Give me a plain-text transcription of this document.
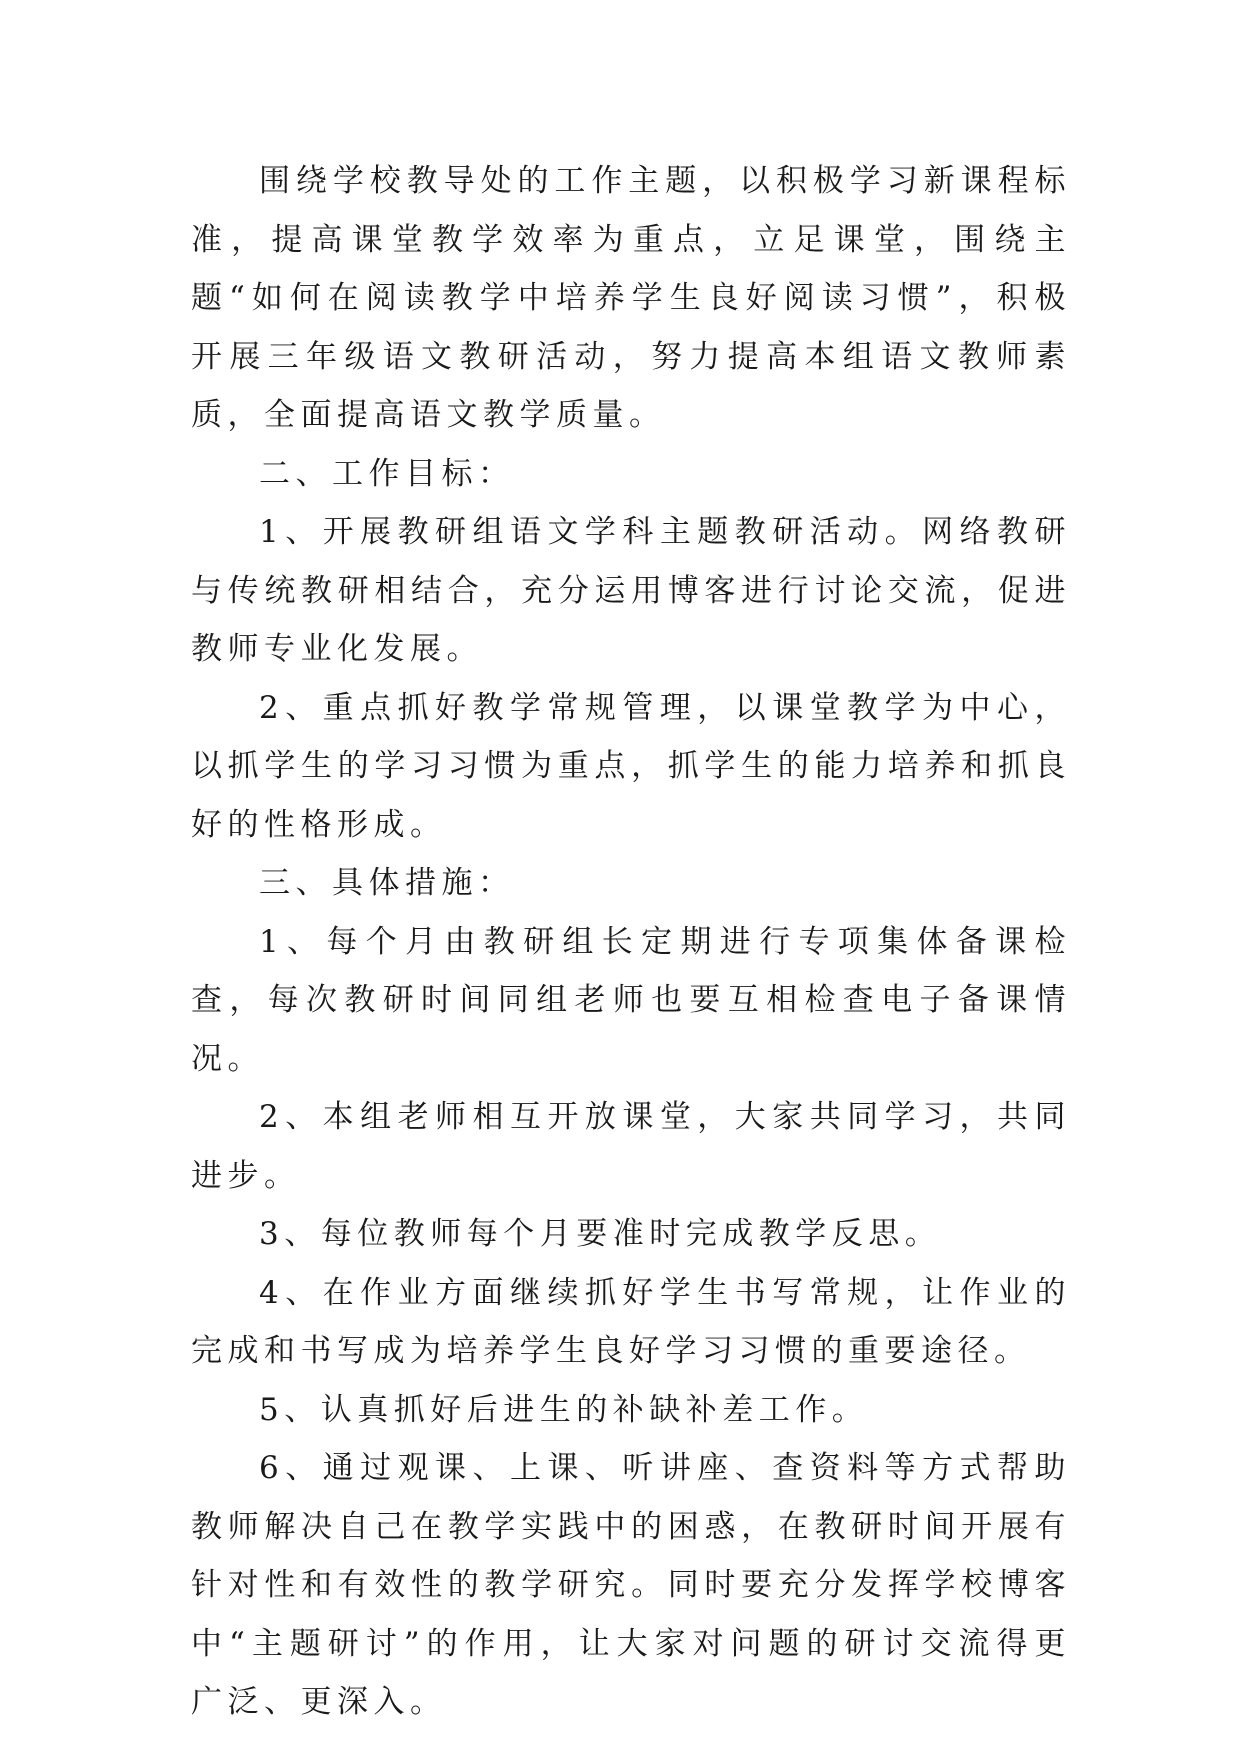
围绕学校教导处的工作主题，以积极学习新课程标准，提高课堂教学效率为重点，立足课堂，围绕主题“如何在阅读教学中培养学生良好阅读习惯”，积极开展三年级语文教研活动，努力提高本组语文教师素质，全面提高语文教学质量。

二、工作目标：

1、开展教研组语文学科主题教研活动。网络教研与传统教研相结合，充分运用博客进行讨论交流，促进教师专业化发展。

2、重点抓好教学常规管理，以课堂教学为中心，以抓学生的学习习惯为重点，抓学生的能力培养和抓良好的性格形成。

三、具体措施：

1、每个月由教研组长定期进行专项集体备课检查，每次教研时间同组老师也要互相检查电子备课情况。

2、本组老师相互开放课堂，大家共同学习，共同进步。

3、每位教师每个月要准时完成教学反思。

4、在作业方面继续抓好学生书写常规，让作业的完成和书写成为培养学生良好学习习惯的重要途径。

5、认真抓好后进生的补缺补差工作。

6、通过观课、上课、听讲座、查资料等方式帮助教师解决自己在教学实践中的困惑，在教研时间开展有针对性和有效性的教学研究。同时要充分发挥学校博客中“主题研讨”的作用，让大家对问题的研讨交流得更广泛、更深入。
